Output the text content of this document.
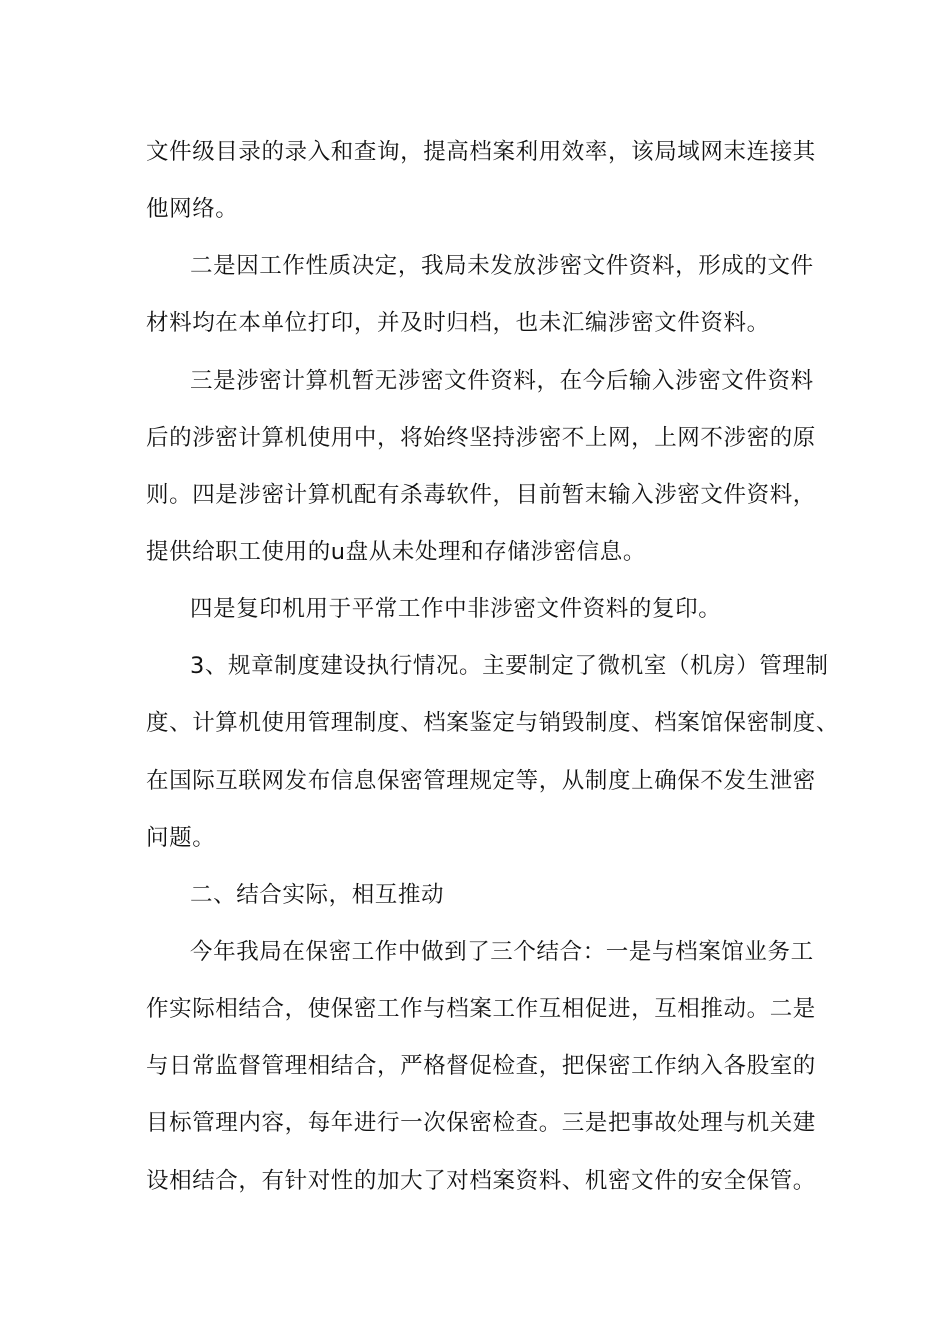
文件级目录的录入和查询，提高档案利用效率，该局域网末连接其
他网络。
二是因工作性质决定，我局未发放涉密文件资料，形成的文件
材料均在本单位打印，并及时归档，也未汇编涉密文件资料。
三是涉密计算机暂无涉密文件资料，在今后输入涉密文件资料
后的涉密计算机使用中，将始终坚持涉密不上网，上网不涉密的原
则。四是涉密计算机配有杀毒软件，目前暂末输入涉密文件资料，
提供给职工使用的u盘从未处理和存储涉密信息。
四是复印机用于平常工作中非涉密文件资料的复印。
3、规章制度建设执行情况。主要制定了微机室（机房）管理制
度、计算机使用管理制度、档案鉴定与销毁制度、档案馆保密制度、
在国际互联网发布信息保密管理规定等，从制度上确保不发生泄密
问题。
二、结合实际，相互推动
今年我局在保密工作中做到了三个结合：一是与档案馆业务工
作实际相结合，使保密工作与档案工作互相促进，互相推动。二是
与日常监督管理相结合，严格督促检查，把保密工作纳入各股室的
目标管理内容，每年进行一次保密检查。三是把事故处理与机关建
设相结合，有针对性的加大了对档案资料、机密文件的安全保管。
